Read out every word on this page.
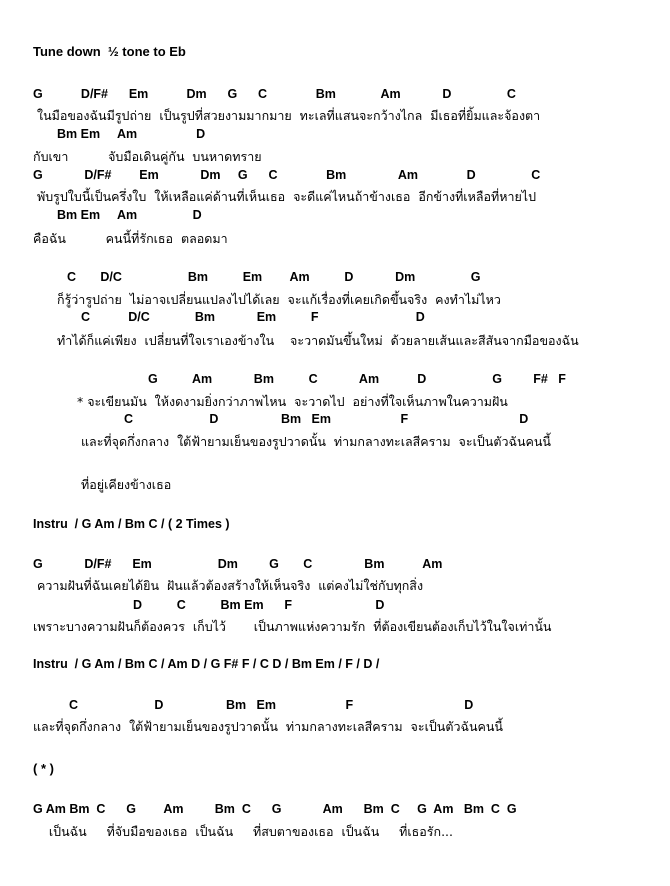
Tune down  ½ tone to Eb
G           D/F#      Em           Dm      G      C              Bm             Am            D                C
ในมือของฉันมีรูปถ่าย  เป็นรูปที่สวยงามมากมาย  ทะเลที่แสนจะกว้างไกล  มีเธอที่ยิ้มและจ้องตา
Bm Em     Am                 D
กับเขา          จับมือเดินคู่กัน  บนหาดทราย
G            D/F#        Em            Dm     G      C              Bm               Am              D                C
พับรูปใบนี้เป็นครึ่งใบ  ให้เหลือแค่ด้านที่เห็นเธอ  จะดีแค่ไหนถ้าข้างเธอ  อีกข้างที่เหลือที่หายไป
Bm Em     Am                D
คือฉัน          คนนี้ที่รักเธอ  ตลอดมา
C       D/C                   Bm          Em        Am          D            Dm                G
ก็รู้ว่ารูปถ่าย  ไม่อาจเปลี่ยนแปลงไปได้เลย  จะแก้เรื่องที่เคยเกิดขึ้นจริง  คงทำไม่ไหว
C           D/C             Bm            Em          F                            D
ทำได้ก็แค่เพียง  เปลี่ยนที่ใจเราเองข้างใน    จะวาดมันขึ้นใหม่  ด้วยลายเส้นและสีสันจากมือของฉัน
G          Am            Bm          C            Am           D                   G         F#   F
* จะเขียนมัน  ให้งดงามยิ่งกว่าภาพไหน  จะวาดไป  อย่างที่ใจเห็นภาพในความฝัน
C                      D                  Bm   Em                    F                                D
และที่จุดกึ่งกลาง  ใต้ฟ้ายามเย็นของรูปวาดนั้น  ท่ามกลางทะเลสีคราม  จะเป็นตัวฉันคนนี้
ที่อยู่เคียงข้างเธอ
Instru  / G Am / Bm C / ( 2 Times )
G            D/F#      Em                   Dm         G       C               Bm           Am
ความฝันที่ฉันเคยได้ยิน  ฝันแล้วต้องสร้างให้เห็นจริง  แต่คงไม่ใช่กับทุกสิ่ง
D          C          Bm Em      F                        D
เพราะบางความฝันก็ต้องควร  เก็บไว้       เป็นภาพแห่งความรัก  ที่ต้องเขียนต้องเก็บไว้ในใจเท่านั้น
Instru  / G Am / Bm C / Am D / G F# F / C D / Bm Em / F / D /
C                      D                  Bm   Em                    F                                D
และที่จุดกึ่งกลาง  ใต้ฟ้ายามเย็นของรูปวาดนั้น  ท่ามกลางทะเลสีคราม  จะเป็นตัวฉันคนนี้
( * )
G Am Bm  C      G        Am         Bm  C      G            Am      Bm  C     G  Am   Bm  C  G
เป็นฉัน     ที่จับมือของเธอ  เป็นฉัน     ที่สบตาของเธอ  เป็นฉัน     ที่เธอรัก...
